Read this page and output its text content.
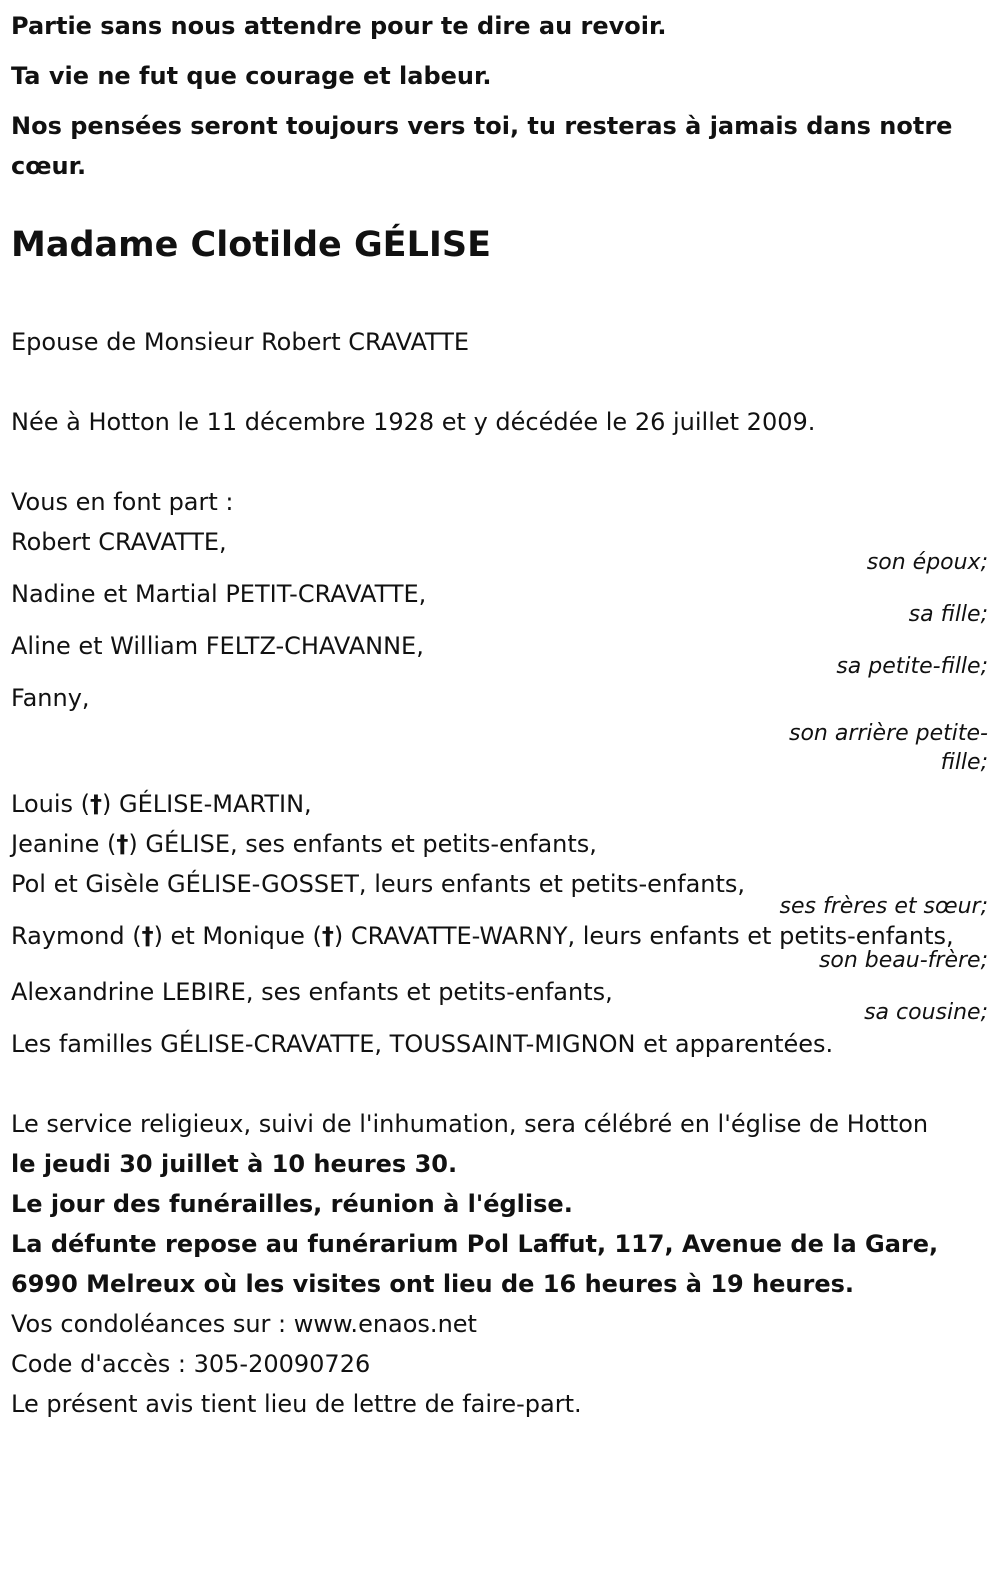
Partie sans nous attendre pour te dire au revoir.
Ta vie ne fut que courage et labeur.
Nos pensées seront toujours vers toi, tu resteras à jamais dans notre cœur.
Madame Clotilde GÉLISE
Epouse de Monsieur Robert CRAVATTE
Née à Hotton le 11 décembre 1928 et y décédée le 26 juillet 2009.
Vous en font part :
Robert CRAVATTE,
son époux;
Nadine et Martial PETIT-CRAVATTE,
sa fille;
Aline et William FELTZ-CHAVANNE,
sa petite-fille;
Fanny,
son arrière petite-
fille;
Louis (†) GÉLISE-MARTIN,
Jeanine (†) GÉLISE, ses enfants et petits-enfants,
Pol et Gisèle GÉLISE-GOSSET, leurs enfants et petits-enfants,
ses frères et sœur;
Raymond (†) et Monique (†) CRAVATTE-WARNY, leurs enfants et petits-enfants,
son beau-frère;
Alexandrine LEBIRE, ses enfants et petits-enfants,
sa cousine;
Les familles GÉLISE-CRAVATTE, TOUSSAINT-MIGNON et apparentées.
Le service religieux, suivi de l'inhumation, sera célébré en l'église de Hotton
le jeudi 30 juillet à 10 heures 30.
Le jour des funérailles, réunion à l'église.
La défunte repose au funérarium Pol Laffut, 117, Avenue de la Gare, 6990 Melreux où les visites ont lieu de 16 heures à 19 heures.
Vos condoléances sur : www.enaos.net
Code d'accès : 305-20090726
Le présent avis tient lieu de lettre de faire-part.
